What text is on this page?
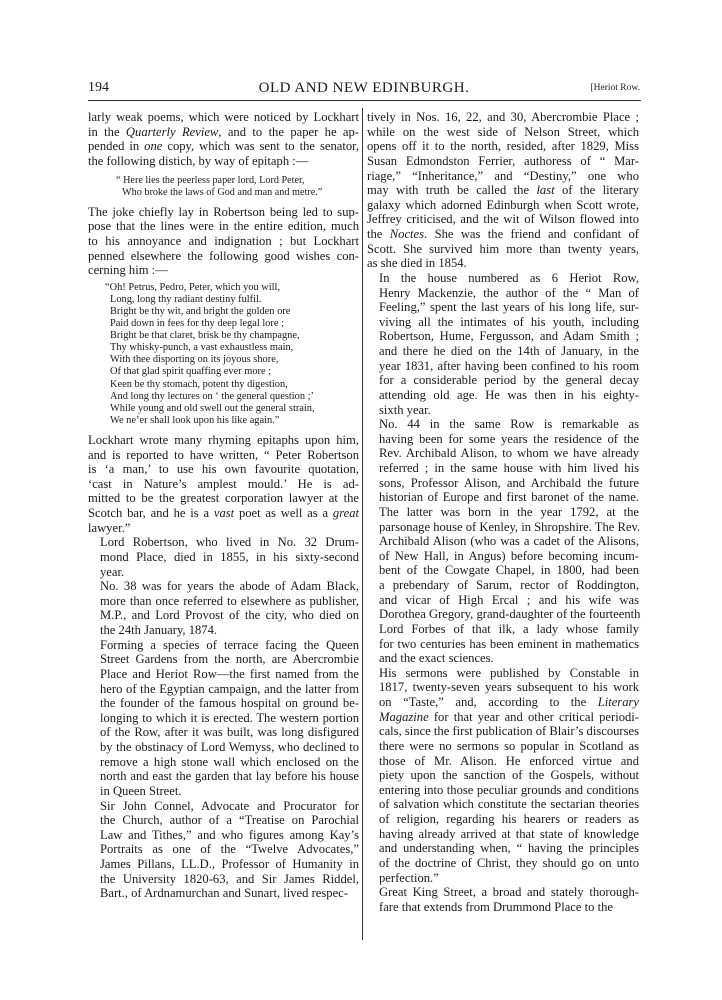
194	OLD AND NEW EDINBURGH.	[Heriot Row.

larly weak poems, which were noticed by Lockhart
in the Quarterly Review, and to the paper he ap-
pended in one copy, which was sent to the senator,
the following distich, by way of epitaph :—

“ Here lies the peerless paper lord, Lord Peter,
Who broke the laws of God and man and metre.”

The joke chiefly lay in Robertson being led to sup-
pose that the lines were in the entire edition, much
to his annoyance and indignation ; but Lockhart
penned elsewhere the following good wishes con-
cerning him :—

“Oh! Petrus, Pedro, Peter, which you will,
Long, long thy radiant destiny fulfil.
Bright be thy wit, and bright the golden ore
Paid down in fees for thy deep legal lore ;
Bright be that claret, brisk be thy champagne,
Thy whisky-punch, a vast exhaustless main,
With thee disporting on its joyous shore,
Of that glad spirit quaffing ever more ;
Keen be thy stomach, potent thy digestion,
And long thy lectures on ‘ the general question ;’
While young and old swell out the general strain,
We ne’er shall look upon his like again.”

Lockhart wrote many rhyming epitaphs upon him,
and is reported to have written, “ Peter Robertson
is ‘a man,’ to use his own favourite quotation,
‘cast in Nature’s amplest mould.’ He is ad-
mitted to be the greatest corporation lawyer at the
Scotch bar, and he is a vast poet as well as a great
lawyer.”

Lord Robertson, who lived in No. 32 Drum-
mond Place, died in 1855, in his sixty-second
year.

No. 38 was for years the abode of Adam Black,
more than once referred to elsewhere as publisher,
M.P., and Lord Provost of the city, who died on
the 24th January, 1874.

Forming a species of terrace facing the Queen
Street Gardens from the north, are Abercrombie
Place and Heriot Row—the first named from the
hero of the Egyptian campaign, and the latter from
the founder of the famous hospital on ground be-
longing to which it is erected. The western portion
of the Row, after it was built, was long disfigured
by the obstinacy of Lord Wemyss, who declined to
remove a high stone wall which enclosed on the
north and east the garden that lay before his house
in Queen Street.

Sir John Connel, Advocate and Procurator for
the Church, author of a “Treatise on Parochial
Law and Tithes,” and who figures among Kay’s
Portraits as one of the “Twelve Advocates,”
James Pillans, LL.D., Professor of Humanity in
the University 1820-63, and Sir James Riddel,
Bart., of Ardnamurchan and Sunart, lived respec-

tively in Nos. 16, 22, and 30, Abercrombie Place ;
while on the west side of Nelson Street, which
opens off it to the north, resided, after 1829, Miss
Susan Edmondston Ferrier, authoress of “ Mar-
riage,” “Inheritance,” and “Destiny,” one who
may with truth be called the last of the literary
galaxy which adorned Edinburgh when Scott wrote,
Jeffrey criticised, and the wit of Wilson flowed into
the Noctes. She was the friend and confidant of
Scott. She survived him more than twenty years,
as she died in 1854.

In the house numbered as 6 Heriot Row,
Henry Mackenzie, the author of the “ Man of
Feeling,” spent the last years of his long life, sur-
viving all the intimates of his youth, including
Robertson, Hume, Fergusson, and Adam Smith ;
and there he died on the 14th of January, in the
year 1831, after having been confined to his room
for a considerable period by the general decay
attending old age. He was then in his eighty-
sixth year.

No. 44 in the same Row is remarkable as
having been for some years the residence of the
Rev. Archibald Alison, to whom we have already
referred ; in the same house with him lived his
sons, Professor Alison, and Archibald the future
historian of Europe and first baronet of the name.
The latter was born in the year 1792, at the
parsonage house of Kenley, in Shropshire. The Rev.
Archibald Alison (who was a cadet of the Alisons,
of New Hall, in Angus) before becoming incum-
bent of the Cowgate Chapel, in 1800, had been
a prebendary of Sarum, rector of Roddington,
and vicar of High Ercal ; and his wife was
Dorothea Gregory, grand-daughter of the fourteenth
Lord Forbes of that ilk, a lady whose family
for two centuries has been eminent in mathematics
and the exact sciences.

His sermons were published by Constable in
1817, twenty-seven years subsequent to his work
on “Taste,” and, according to the Literary
Magazine for that year and other critical periodi-
cals, since the first publication of Blair’s discourses
there were no sermons so popular in Scotland as
those of Mr. Alison. He enforced virtue and
piety upon the sanction of the Gospels, without
entering into those peculiar grounds and conditions
of salvation which constitute the sectarian theories
of religion, regarding his hearers or readers as
having already arrived at that state of knowledge
and understanding when, “ having the principles
of the doctrine of Christ, they should go on unto
perfection.”

Great King Street, a broad and stately thorough-
fare that extends from Drummond Place to the
